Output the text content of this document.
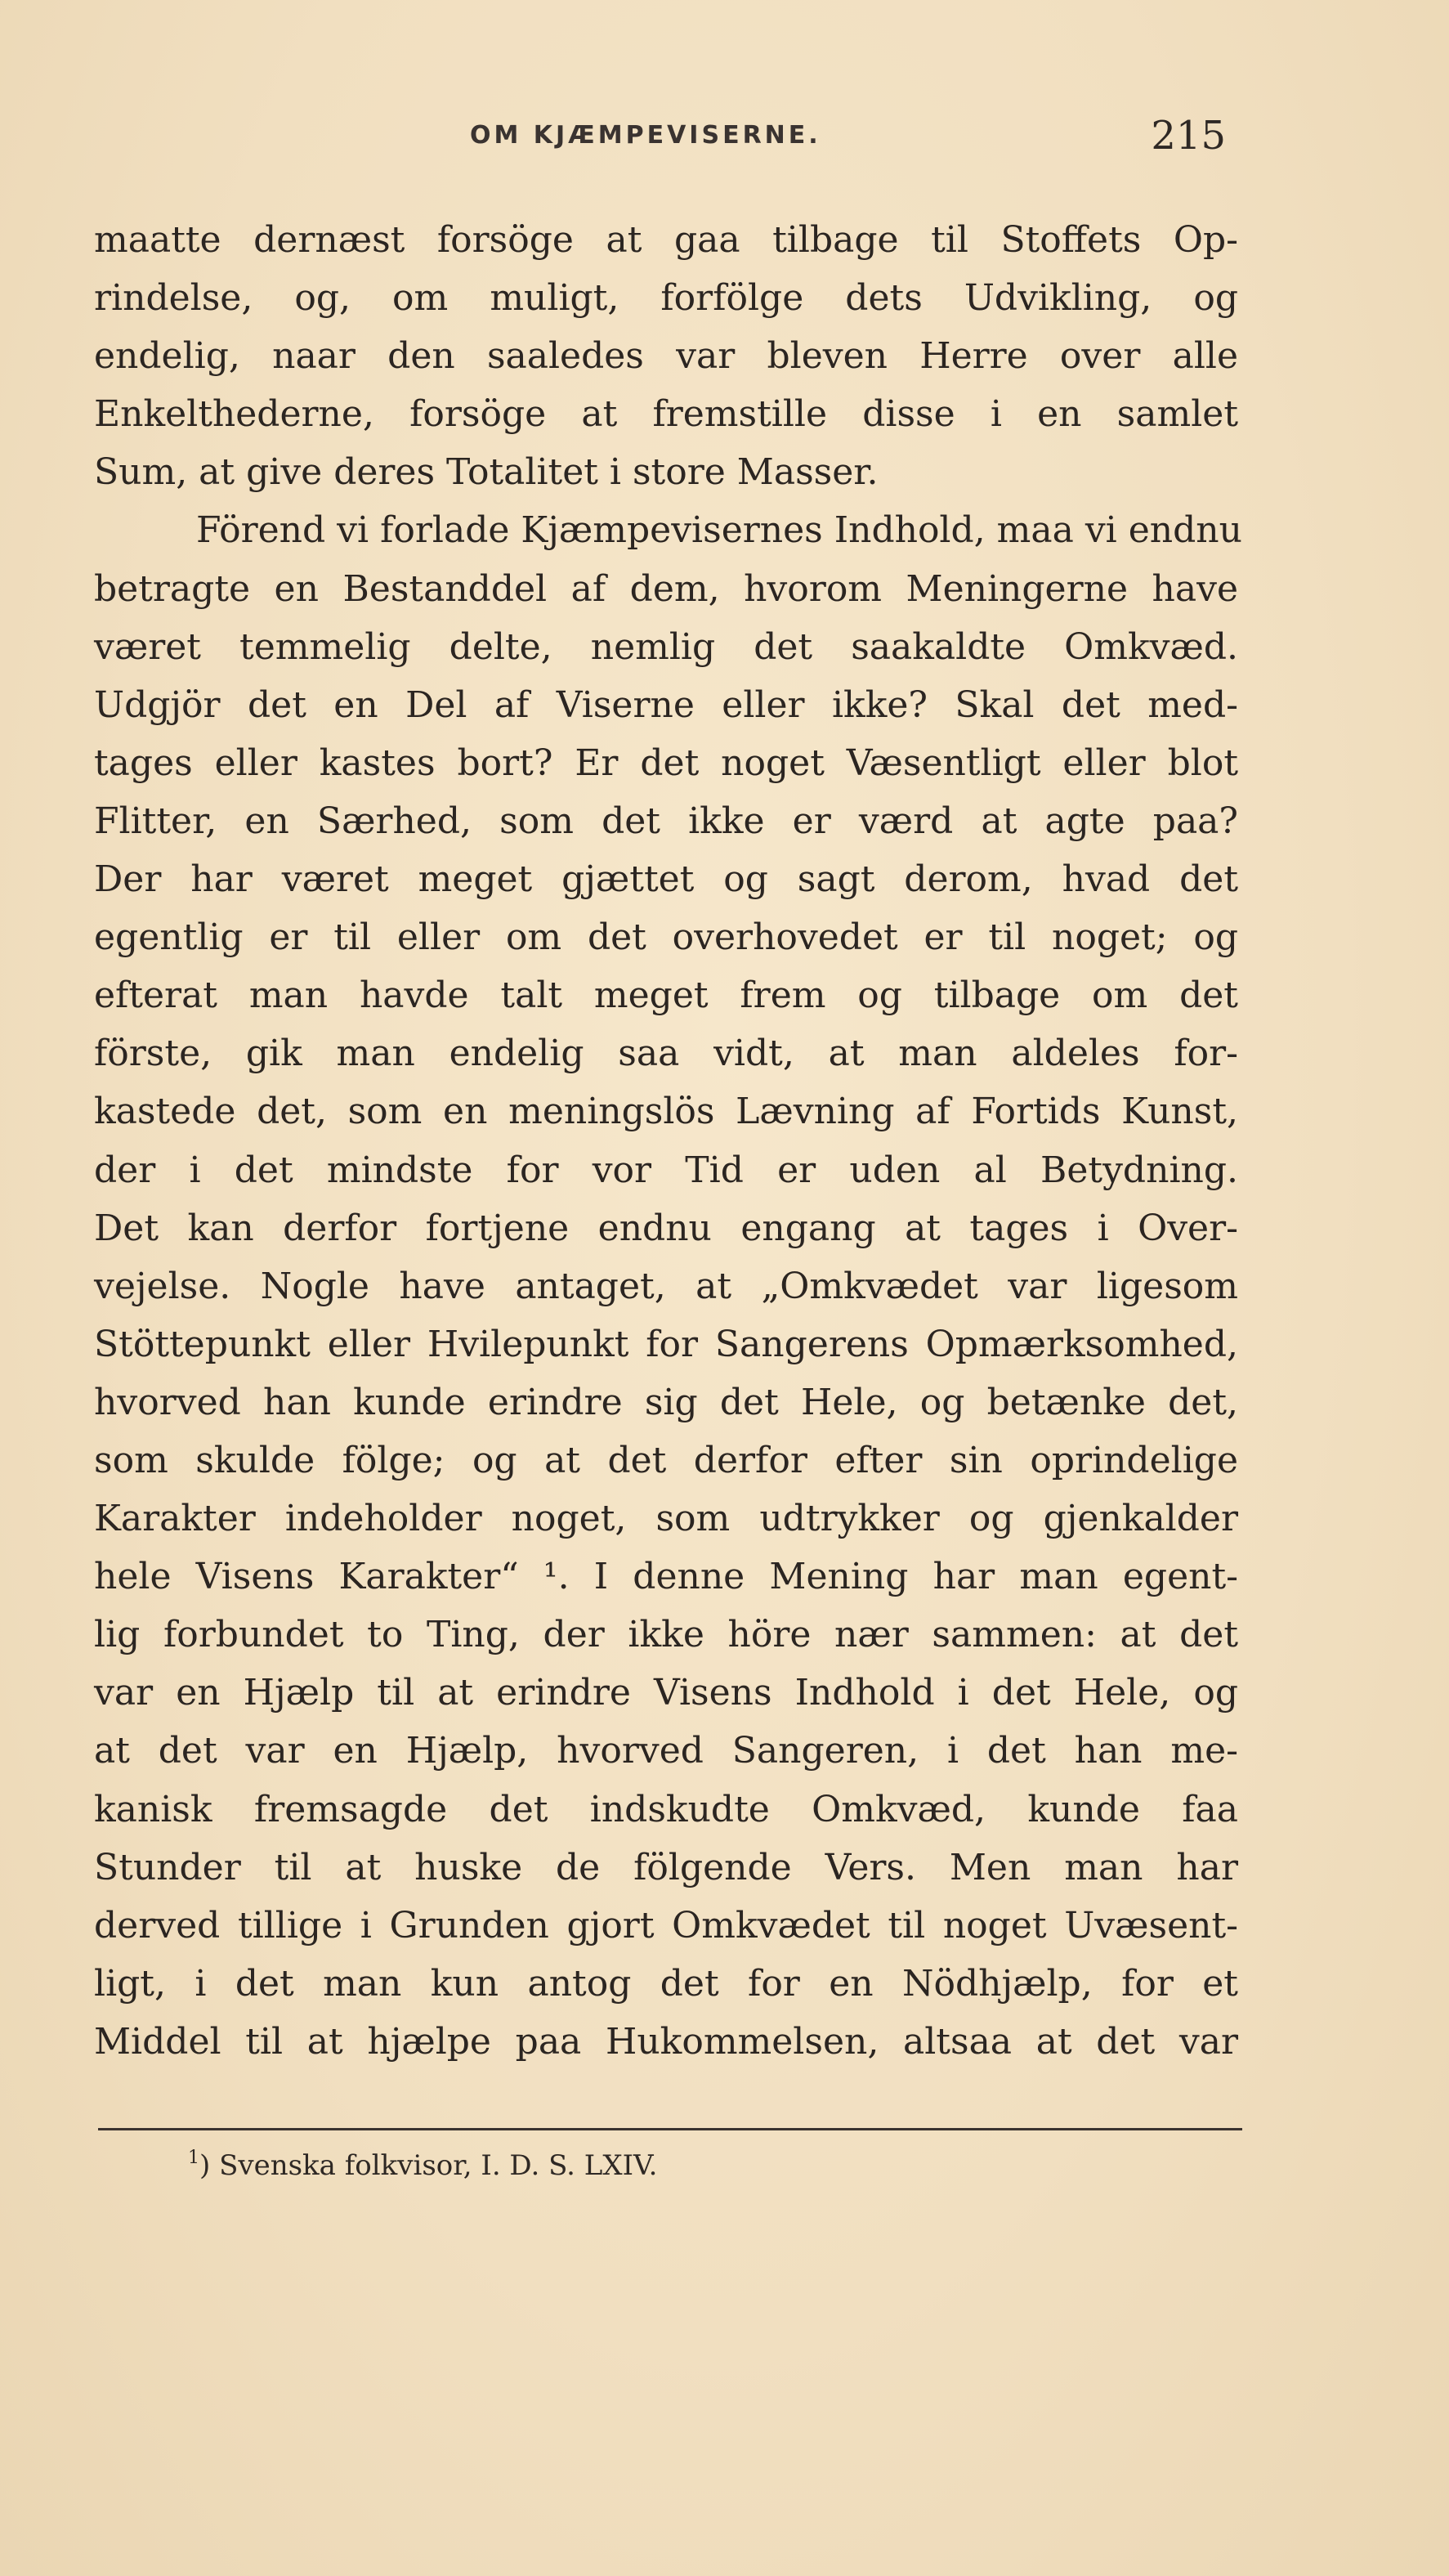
OM KJÆMPEVISERNE.	215
maatte dernæst forsöge at gaa tilbage til Stoffets Op-
rindelse, og, om muligt, forfölge dets Udvikling, og
endelig, naar den saaledes var bleven Herre over alle
Enkelthederne, forsöge at fremstille disse i en samlet
Sum, at give deres Totalitet i store Masser.
Förend vi forlade Kjæmpevisernes Indhold, maa vi endnu
betragte en Bestanddel af dem, hvorom Meningerne have
været temmelig delte, nemlig det saakaldte Omkvæd.
Udgjör det en Del af Viserne eller ikke? Skal det med-
tages eller kastes bort? Er det noget Væsentligt eller blot
Flitter, en Særhed, som det ikke er værd at agte paa?
Der har været meget gjættet og sagt derom, hvad det
egentlig er til eller om det overhovedet er til noget; og
efterat man havde talt meget frem og tilbage om det
förste, gik man endelig saa vidt, at man aldeles for-
kastede det, som en meningslös Lævning af Fortids Kunst,
der i det mindste for vor Tid er uden al Betydning.
Det kan derfor fortjene endnu engang at tages i Over-
vejelse. Nogle have antaget, at „Omkvædet var ligesom
Stöttepunkt eller Hvilepunkt for Sangerens Opmærksomhed,
hvorved han kunde erindre sig det Hele, og betænke det,
som skulde fölge; og at det derfor efter sin oprindelige
Karakter indeholder noget, som udtrykker og gjenkalder
hele Visens Karakter“ ¹. I denne Mening har man egent-
lig forbundet to Ting, der ikke höre nær sammen: at det
var en Hjælp til at erindre Visens Indhold i det Hele, og
at det var en Hjælp, hvorved Sangeren, i det han me-
kanisk fremsagde det indskudte Omkvæd, kunde faa
Stunder til at huske de fölgende Vers. Men man har
derved tillige i Grunden gjort Omkvædet til noget Uvæsent-
ligt, i det man kun antog det for en Nödhjælp, for et
Middel til at hjælpe paa Hukommelsen, altsaa at det var
$^1$) Svenska folkvisor, I. D. S. LXIV.
